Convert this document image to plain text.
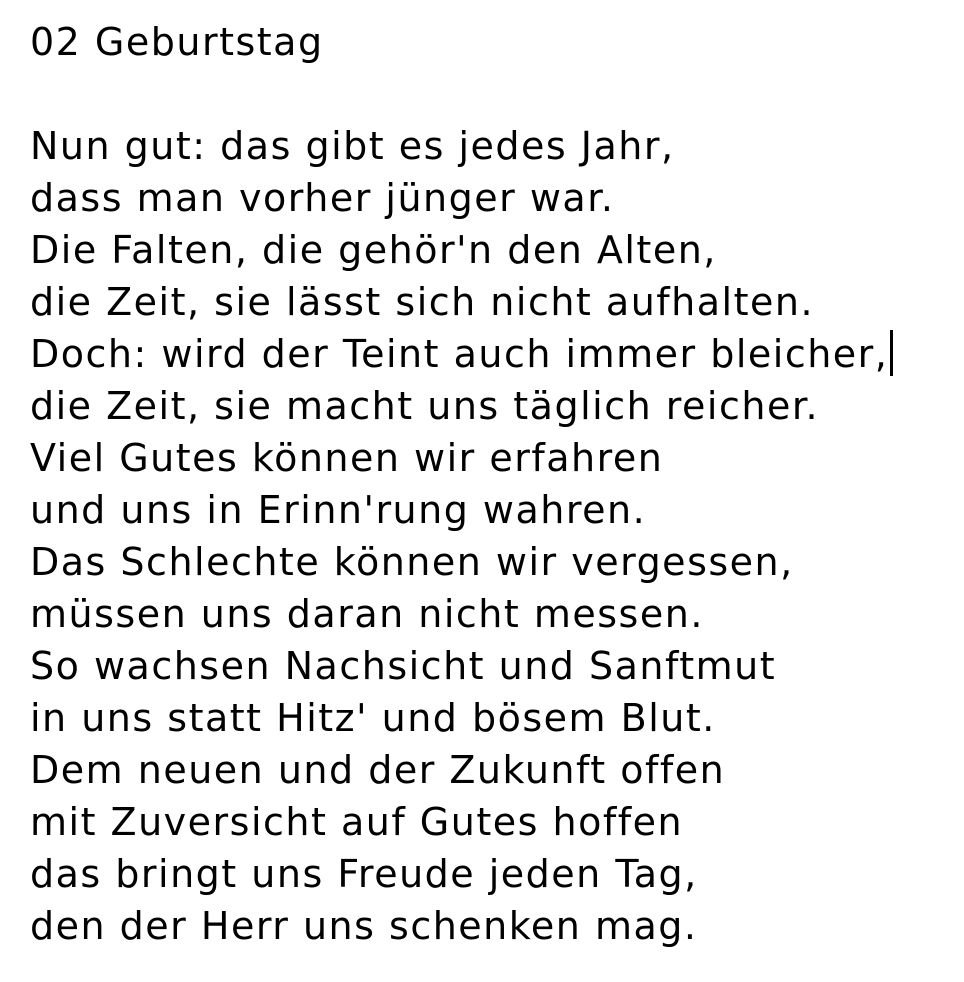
02 Geburtstag
Nun gut: das gibt es jedes Jahr,
dass man vorher jünger war.
Die Falten, die gehör'n den Alten,
die Zeit, sie lässt sich nicht aufhalten.
Doch: wird der Teint auch immer bleicher,
die Zeit, sie macht uns täglich reicher.
Viel Gutes können wir erfahren
und uns in Erinn'rung wahren.
Das Schlechte können wir vergessen,
müssen uns daran nicht messen.
So wachsen Nachsicht und Sanftmut
in uns statt Hitz' und bösem Blut.
Dem neuen und der Zukunft offen
mit Zuversicht auf Gutes hoffen
das bringt uns Freude jeden Tag,
den der Herr uns schenken mag.
